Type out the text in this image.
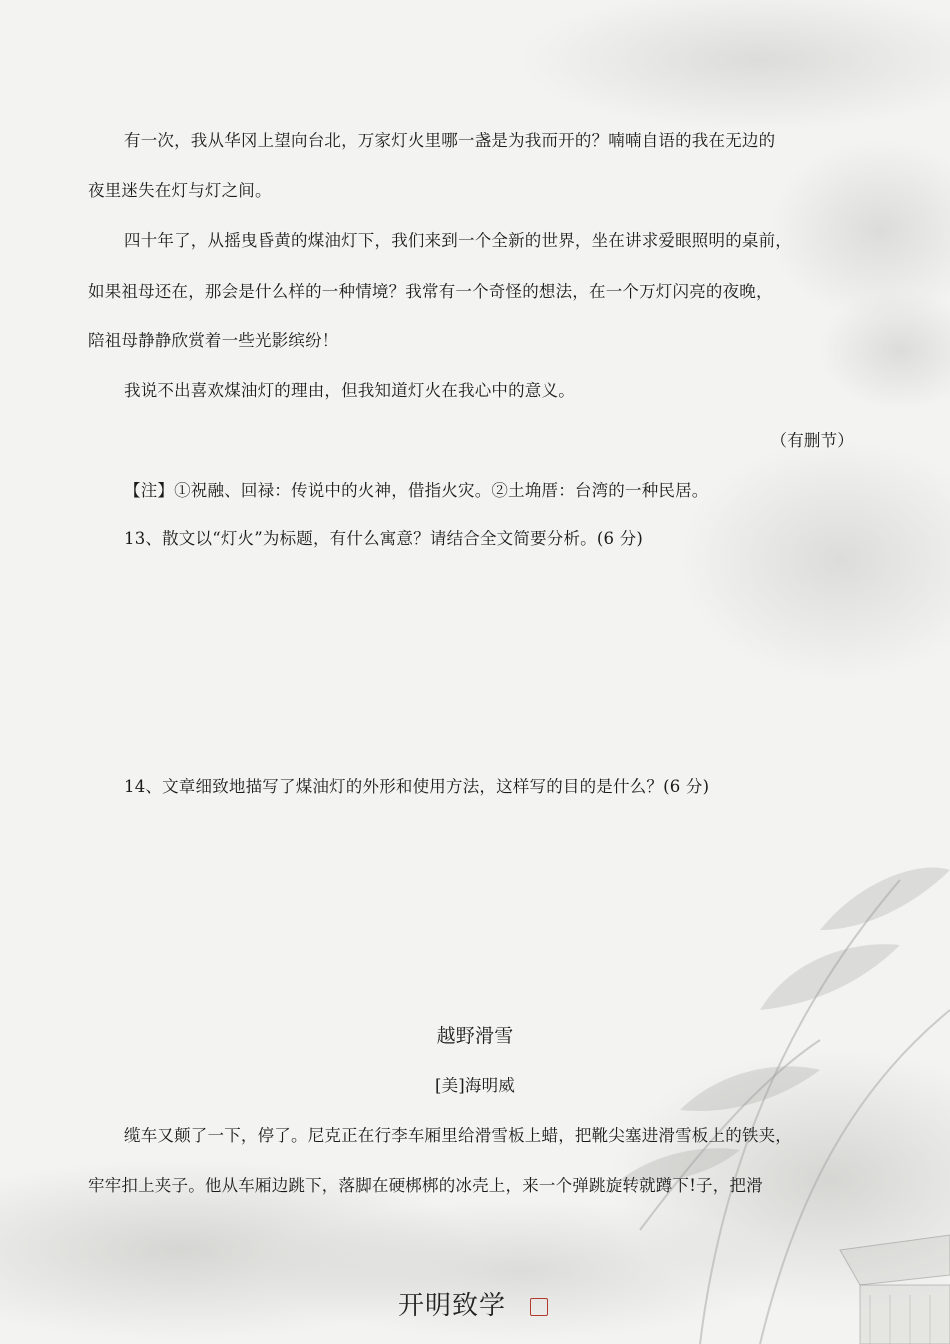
有一次，我从华冈上望向台北，万家灯火里哪一盏是为我而开的？喃喃自语的我在无边的
夜里迷失在灯与灯之间。
四十年了，从摇曳昏黄的煤油灯下，我们来到一个全新的世界，坐在讲求爱眼照明的桌前，
如果祖母还在，那会是什么样的一种情境？我常有一个奇怪的想法，在一个万灯闪亮的夜晚，
陪祖母静静欣赏着一些光影缤纷！
我说不出喜欢煤油灯的理由，但我知道灯火在我心中的意义。
（有删节）
【注】①祝融、回禄：传说中的火神，借指火灾。②土埆厝：台湾的一种民居。
13、散文以“灯火”为标题，有什么寓意？请结合全文简要分析。(6 分)
14、文章细致地描写了煤油灯的外形和使用方法，这样写的目的是什么？(6 分)
越野滑雪
[美]海明威
缆车又颠了一下，停了。尼克正在行李车厢里给滑雪板上蜡，把靴尖塞进滑雪板上的铁夹，
牢牢扣上夹子。他从车厢边跳下，落脚在硬梆梆的冰壳上，来一个弹跳旋转就蹲下!子，把滑
开明致学
